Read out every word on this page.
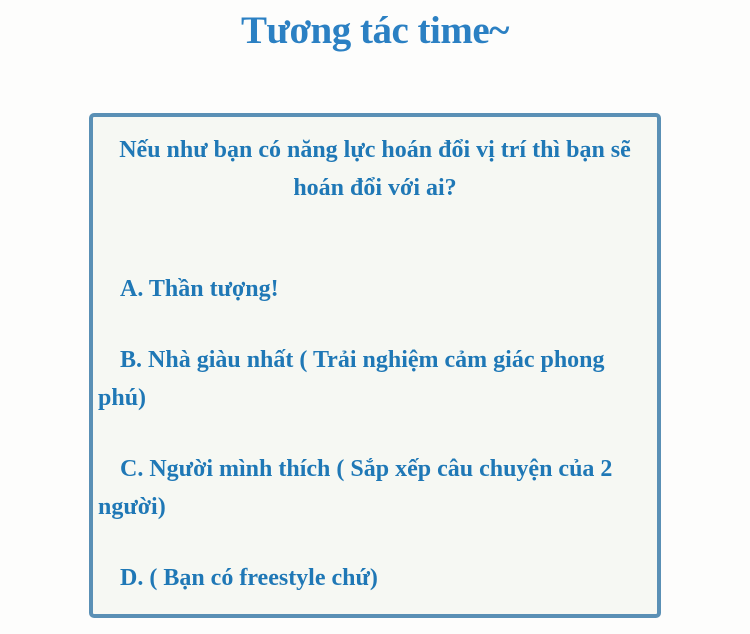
Tương tác time~
Nếu như bạn có năng lực hoán đổi vị trí thì bạn sẽ
hoán đổi với ai?
A. Thần tượng!
B. Nhà giàu nhất ( Trải nghiệm cảm giác phong
phú)
C. Người mình thích ( Sắp xếp câu chuyện của 2
người)
D. ( Bạn có freestyle chứ)
